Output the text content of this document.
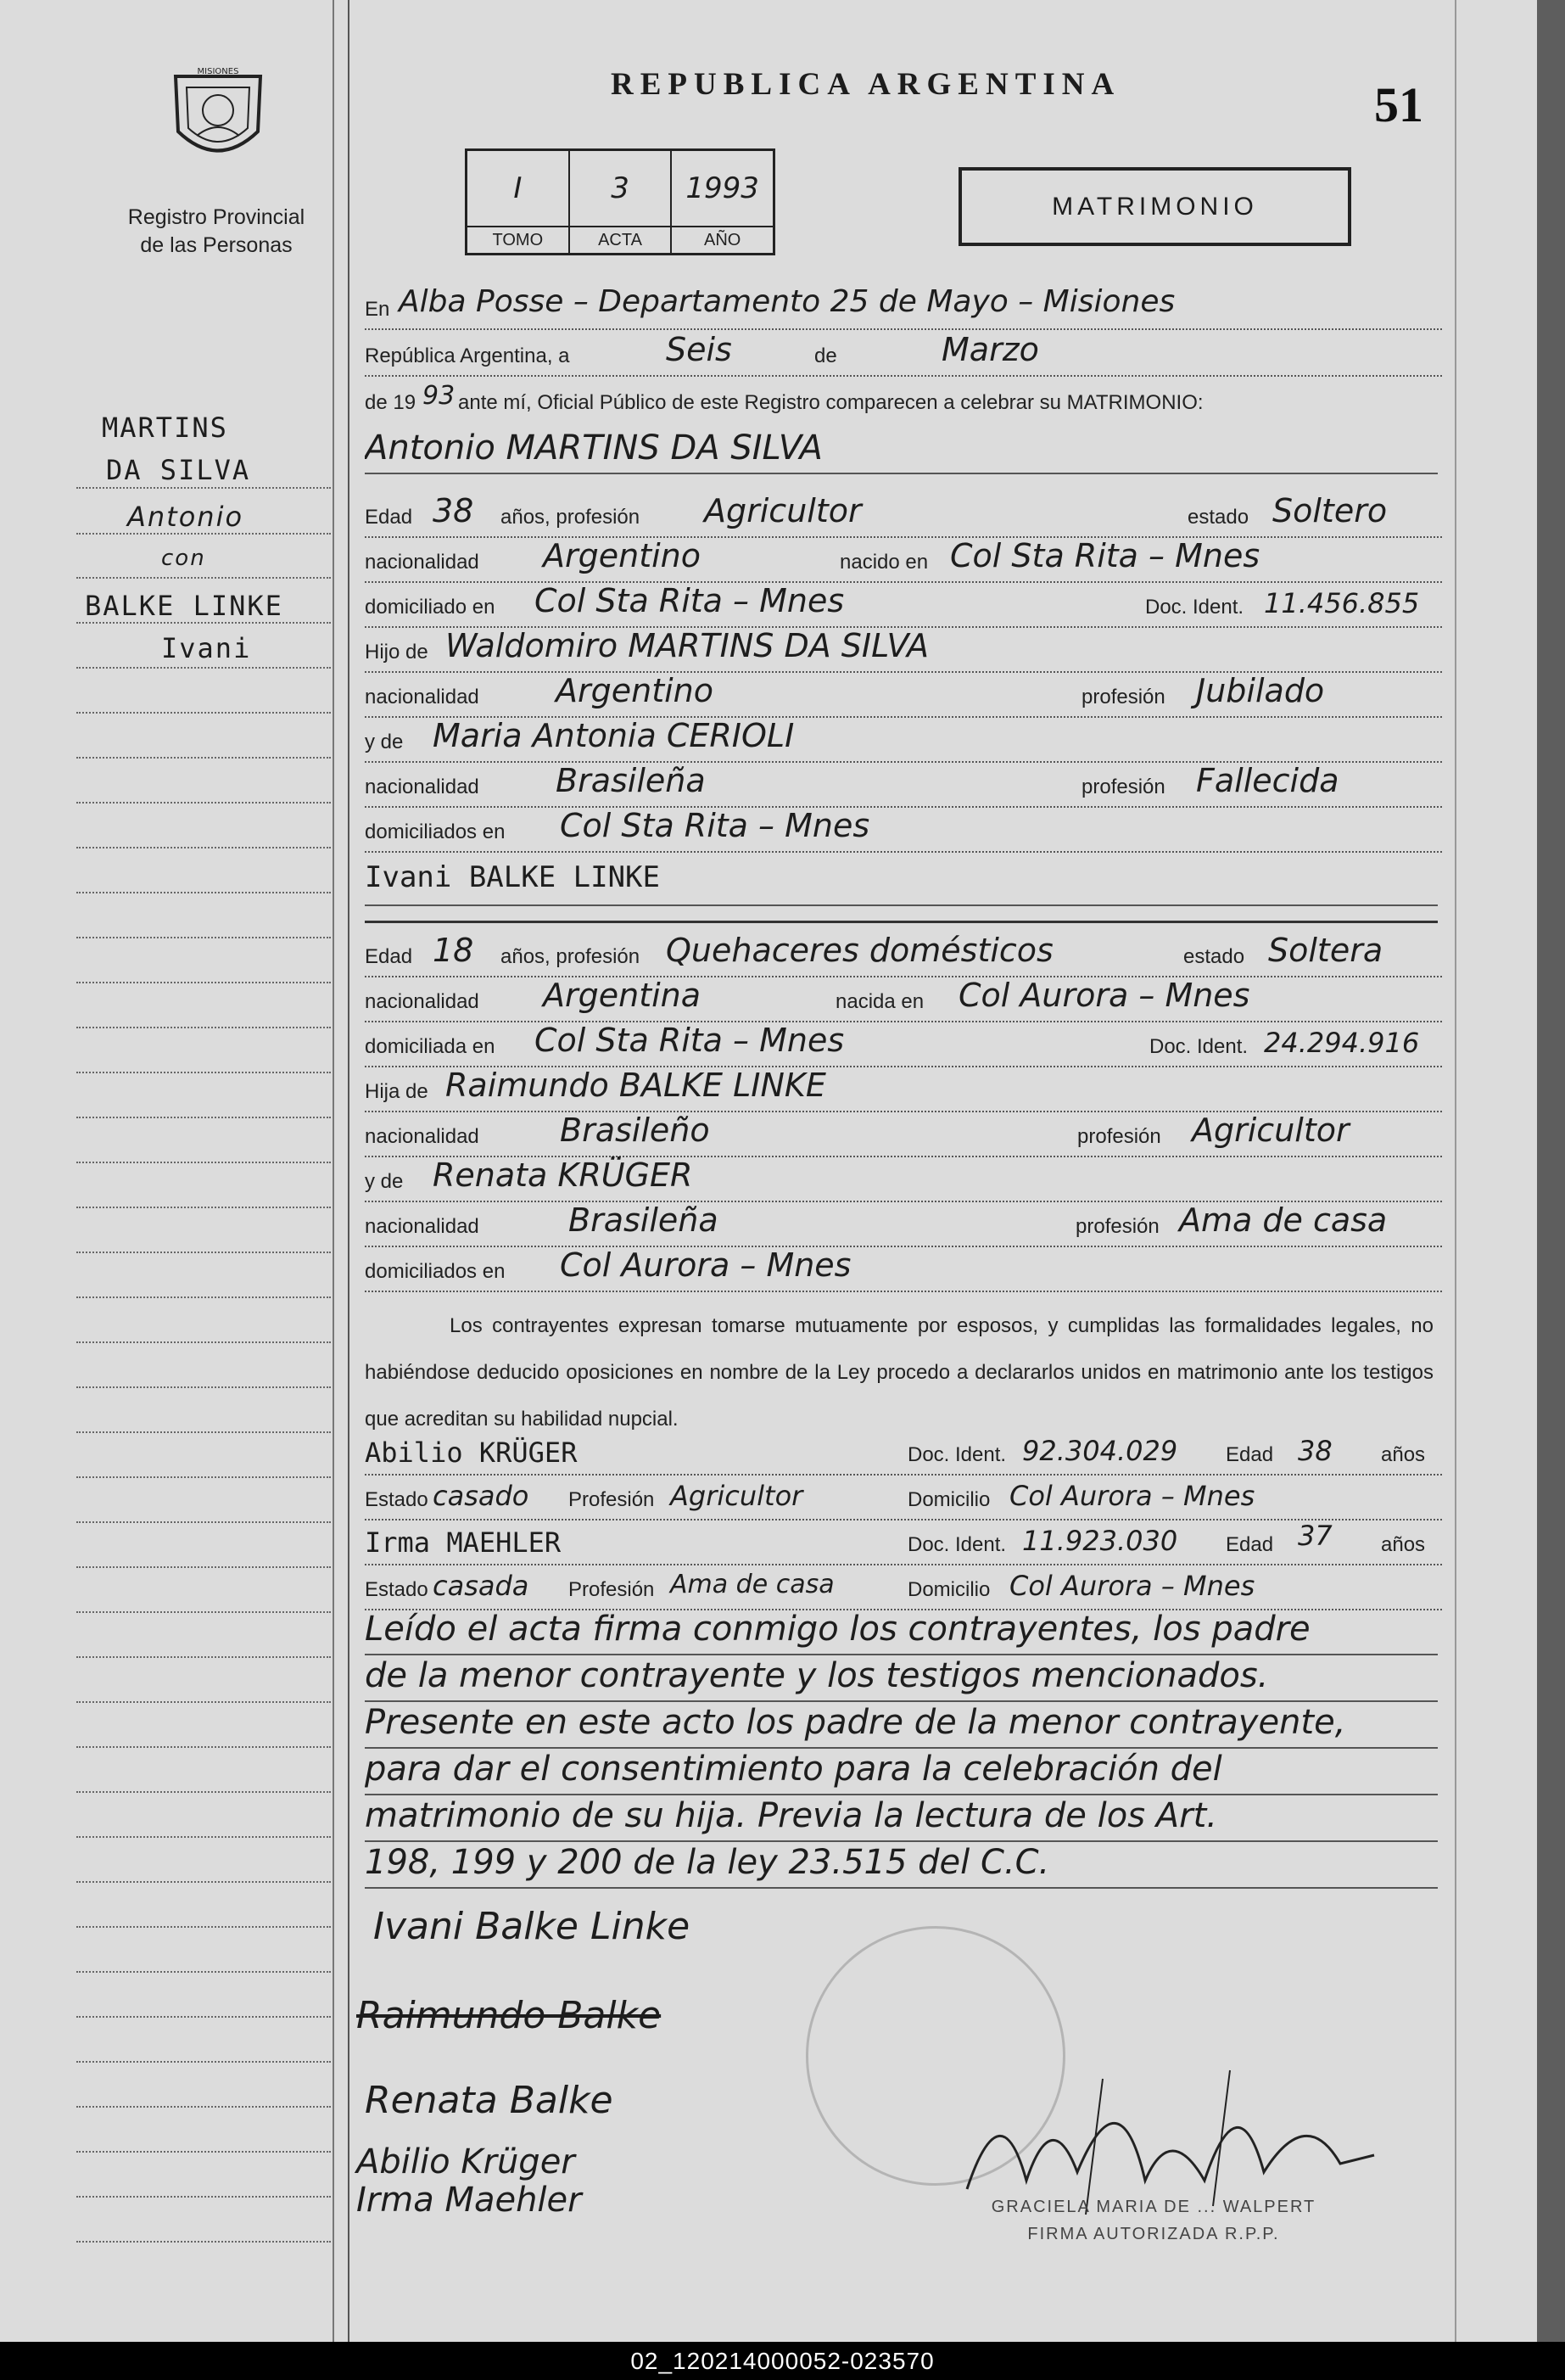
MISIONES
Registro Provincial
de las Personas
MARTINS
DA SILVA
Antonio
con
BALKE LINKE
Ivani
REPUBLICA ARGENTINA	51
I
TOMO
3
ACTA
1993
AÑO
MATRIMONIO
En Alba Posse – Departamento 25 de Mayo – Misiones
República Argentina, a	Seis	de	Marzo
de 19 93 ante mí, Oficial Público de este Registro comparecen a celebrar su MATRIMONIO:
Antonio MARTINS DA SILVA
Edad 38 años, profesión Agricultor	estado Soltero
nacionalidad Argentino	nacido en Col Sta Rita – Mnes
domiciliado en Col Sta Rita – Mnes	Doc. Ident. 11.456.855
Hijo de Waldomiro MARTINS DA SILVA
nacionalidad Argentino	profesión Jubilado
y de Maria Antonia CERIOLI
nacionalidad Brasileña	profesión Fallecida
domiciliados en Col Sta Rita – Mnes
Ivani BALKE LINKE
Edad 18 años, profesión Quehaceres domésticos	estado Soltera
nacionalidad Argentina	nacida en Col Aurora – Mnes
domiciliada en Col Sta Rita – Mnes	Doc. Ident. 24.294.916
Hija de Raimundo BALKE LINKE
nacionalidad	Brasileño	profesión Agricultor
y de Renata KRÜGER
nacionalidad	Brasileña	profesión Ama de casa
domiciliados en Col Aurora – Mnes
Los contrayentes expresan tomarse mutuamente por esposos, y cumplidas las formalidades legales, no habiéndose deducido oposiciones en nombre de la Ley procedo a declararlos unidos en matrimonio ante los testigos que acreditan su habilidad nupcial.
Abilio KRÜGER	Doc. Ident. 92.304.029 Edad 38 años
Estado casado Profesión Agricultor	Domicilio Col Aurora – Mnes
Irma MAEHLER	Doc. Ident. 11.923.030 Edad 37 años
Estado casada Profesión Ama de casa	Domicilio Col Aurora – Mnes
Leído el acta firma conmigo los contrayentes, los padre
de la menor contrayente y los testigos mencionados.
Presente en este acto los padre de la menor contrayente,
para dar el consentimiento para la celebración del
matrimonio de su hija. Previa la lectura de los Art.
198, 199 y 200 de la ley 23.515 del C.C.
Ivani Balke Linke
Raimundo Balke
Renata Balke
Abilio Krüger
Irma Maehler	GRACIELA MARIA DE ... WALPERT
FIRMA AUTORIZADA R.P.P.
02_120214000052-023570
